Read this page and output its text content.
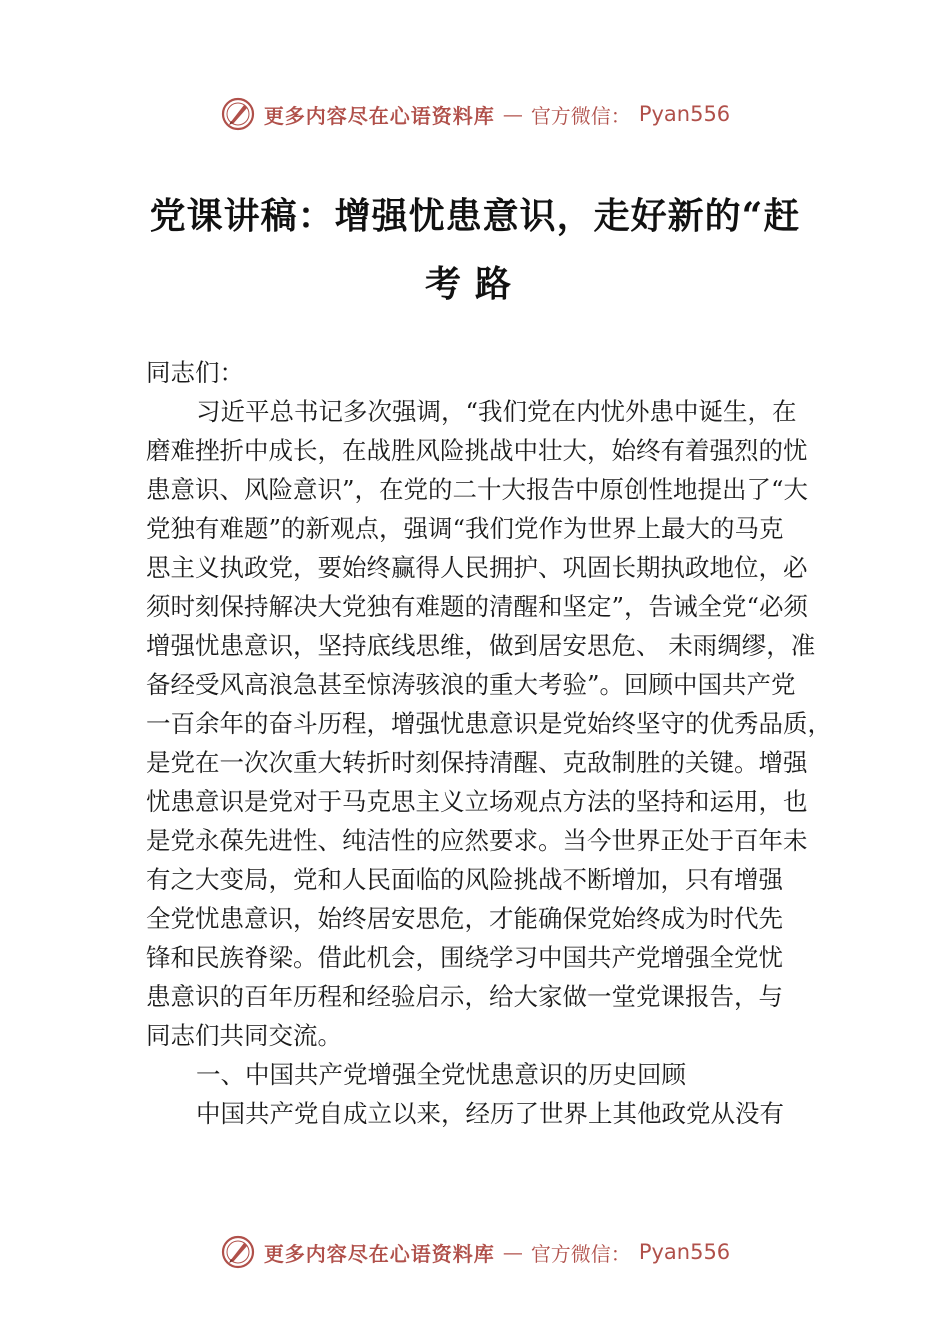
更多内容尽在心语资料库 — 官方微信： Pyan556
党课讲稿：增强忧患意识，走好新的“赶
考路
同志们：
习近平总书记多次强调，“我们党在内忧外患中诞生，在
磨难挫折中成长，在战胜风险挑战中壮大，始终有着强烈的忧
患意识、风险意识”，在党的二十大报告中原创性地提出了“大
党独有难题”的新观点，强调“我们党作为世界上最大的马克
思主义执政党，要始终赢得人民拥护、巩固长期执政地位，必
须时刻保持解决大党独有难题的清醒和坚定”，告诫全党“必须
增强忧患意识，坚持底线思维，做到居安思危、 未雨绸缪，准
备经受风高浪急甚至惊涛骇浪的重大考验”。回顾中国共产党
一百余年的奋斗历程，增强忧患意识是党始终坚守的优秀品质，
是党在一次次重大转折时刻保持清醒、克敌制胜的关键。增强
忧患意识是党对于马克思主义立场观点方法的坚持和运用，也
是党永葆先进性、纯洁性的应然要求。当今世界正处于百年未
有之大变局，党和人民面临的风险挑战不断增加，只有增强
全党忧患意识，始终居安思危，才能确保党始终成为时代先
锋和民族脊梁。借此机会，围绕学习中国共产党增强全党忧
患意识的百年历程和经验启示，给大家做一堂党课报告，与
同志们共同交流。
一、中国共产党增强全党忧患意识的历史回顾
中国共产党自成立以来，经历了世界上其他政党从没有
更多内容尽在心语资料库 — 官方微信： Pyan556
